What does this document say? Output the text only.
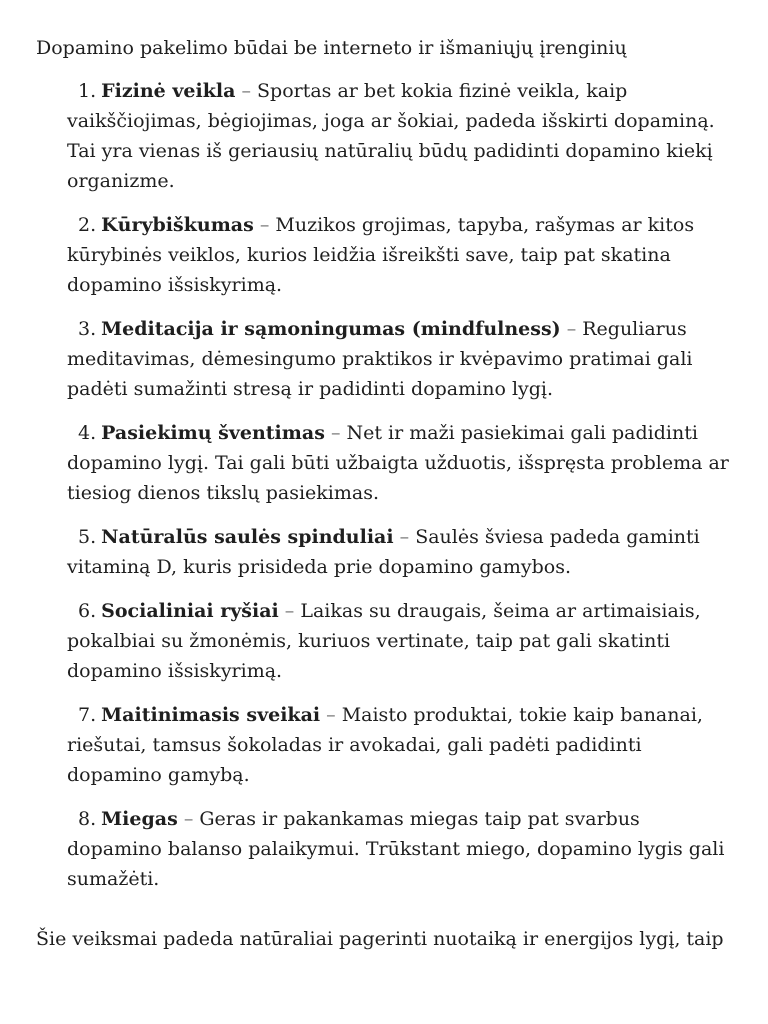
Dopamino pakelimo būdai be interneto ir išmaniųjų įrenginių
1. Fizinė veikla – Sportas ar bet kokia fizinė veikla, kaip vaikščiojimas, bėgiojimas, joga ar šokiai, padeda išskirti dopaminą. Tai yra vienas iš geriausių natūralių būdų padidinti dopamino kiekį organizme.
2. Kūrybiškumas – Muzikos grojimas, tapyba, rašymas ar kitos kūrybinės veiklos, kurios leidžia išreikšti save, taip pat skatina dopamino išsiskyrimą.
3. Meditacija ir sąmoningumas (mindfulness) – Reguliarus meditavimas, dėmesingumo praktikos ir kvėpavimo pratimai gali padėti sumažinti stresą ir padidinti dopamino lygį.
4. Pasiekimų šventimas – Net ir maži pasiekimai gali padidinti dopamino lygį. Tai gali būti užbaigta užduotis, išspręsta problema ar tiesiog dienos tikslų pasiekimas.
5. Natūralūs saulės spinduliai – Saulės šviesa padeda gaminti vitaminą D, kuris prisideda prie dopamino gamybos.
6. Socialiniai ryšiai – Laikas su draugais, šeima ar artimaisiais, pokalbiai su žmonėmis, kuriuos vertinate, taip pat gali skatinti dopamino išsiskyrimą.
7. Maitinimasis sveikai – Maisto produktai, tokie kaip bananai, riešutai, tamsus šokoladas ir avokadai, gali padėti padidinti dopamino gamybą.
8. Miegas – Geras ir pakankamas miegas taip pat svarbus dopamino balanso palaikymui. Trūkstant miego, dopamino lygis gali sumažėti.
Šie veiksmai padeda natūraliai pagerinti nuotaiką ir energijos lygį, taip
